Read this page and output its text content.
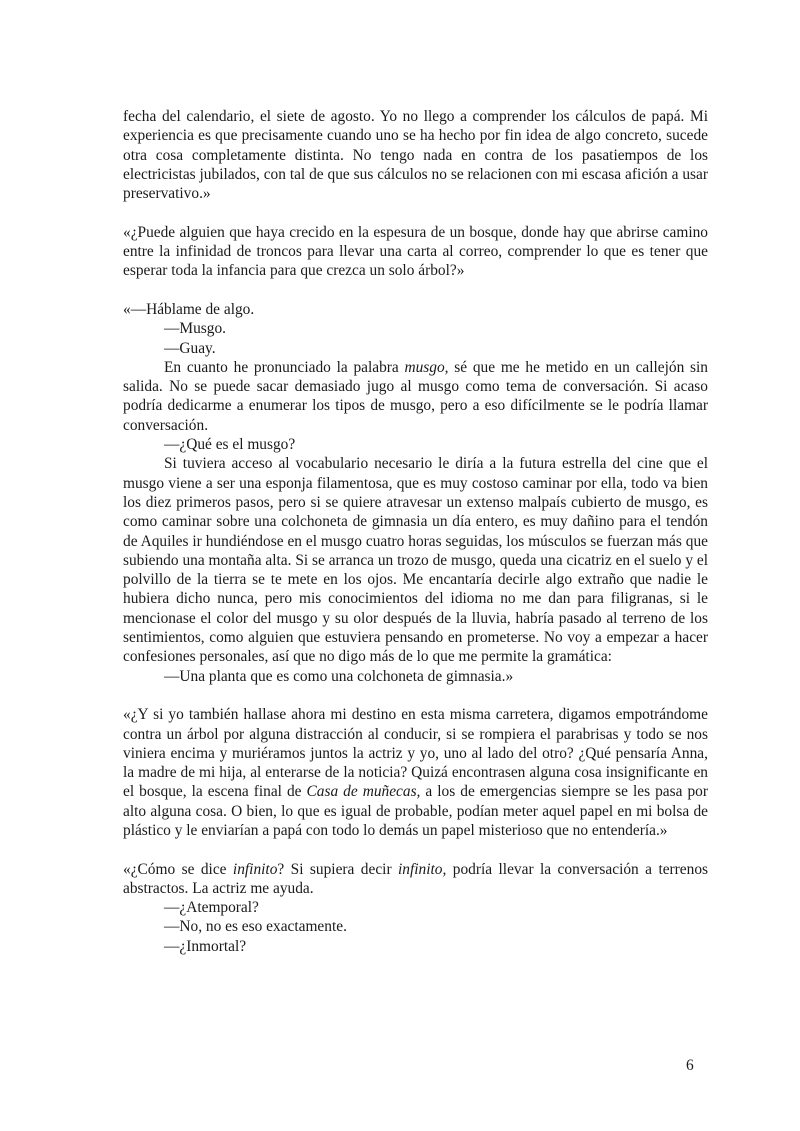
fecha del calendario, el siete de agosto. Yo no llego a comprender los cálculos de papá. Mi experiencia es que precisamente cuando uno se ha hecho por fin idea de algo concreto, sucede otra cosa completamente distinta. No tengo nada en contra de los pasatiempos de los electricistas jubilados, con tal de que sus cálculos no se relacionen con mi escasa afición a usar preservativo.»

«¿Puede alguien que haya crecido en la espesura de un bosque, donde hay que abrirse camino entre la infinidad de troncos para llevar una carta al correo, comprender lo que es tener que esperar toda la infancia para que crezca un solo árbol?»

«—Háblame de algo.

—Musgo.

—Guay.

En cuanto he pronunciado la palabra musgo, sé que me he metido en un callejón sin salida. No se puede sacar demasiado jugo al musgo como tema de conversación. Si acaso podría dedicarme a enumerar los tipos de musgo, pero a eso difícilmente se le podría llamar conversación.

—¿Qué es el musgo?

Si tuviera acceso al vocabulario necesario le diría a la futura estrella del cine que el musgo viene a ser una esponja filamentosa, que es muy costoso caminar por ella, todo va bien los diez primeros pasos, pero si se quiere atravesar un extenso malpaís cubierto de musgo, es como caminar sobre una colchoneta de gimnasia un día entero, es muy dañino para el tendón de Aquiles ir hundiéndose en el musgo cuatro horas seguidas, los músculos se fuerzan más que subiendo una montaña alta. Si se arranca un trozo de musgo, queda una cicatriz en el suelo y el polvillo de la tierra se te mete en los ojos. Me encantaría decirle algo extraño que nadie le hubiera dicho nunca, pero mis conocimientos del idioma no me dan para filigranas, si le mencionase el color del musgo y su olor después de la lluvia, habría pasado al terreno de los sentimientos, como alguien que estuviera pensando en prometerse. No voy a empezar a hacer confesiones personales, así que no digo más de lo que me permite la gramática:

—Una planta que es como una colchoneta de gimnasia.»

«¿Y si yo también hallase ahora mi destino en esta misma carretera, digamos empotrándome contra un árbol por alguna distracción al conducir, si se rompiera el parabrisas y todo se nos viniera encima y muriéramos juntos la actriz y yo, uno al lado del otro? ¿Qué pensaría Anna, la madre de mi hija, al enterarse de la noticia? Quizá encontrasen alguna cosa insignificante en el bosque, la escena final de Casa de muñecas, a los de emergencias siempre se les pasa por alto alguna cosa. O bien, lo que es igual de probable, podían meter aquel papel en mi bolsa de plástico y le enviarían a papá con todo lo demás un papel misterioso que no entendería.»

«¿Cómo se dice infinito? Si supiera decir infinito, podría llevar la conversación a terrenos abstractos. La actriz me ayuda.

—¿Atemporal?

—No, no es eso exactamente.

—¿Inmortal?

6
